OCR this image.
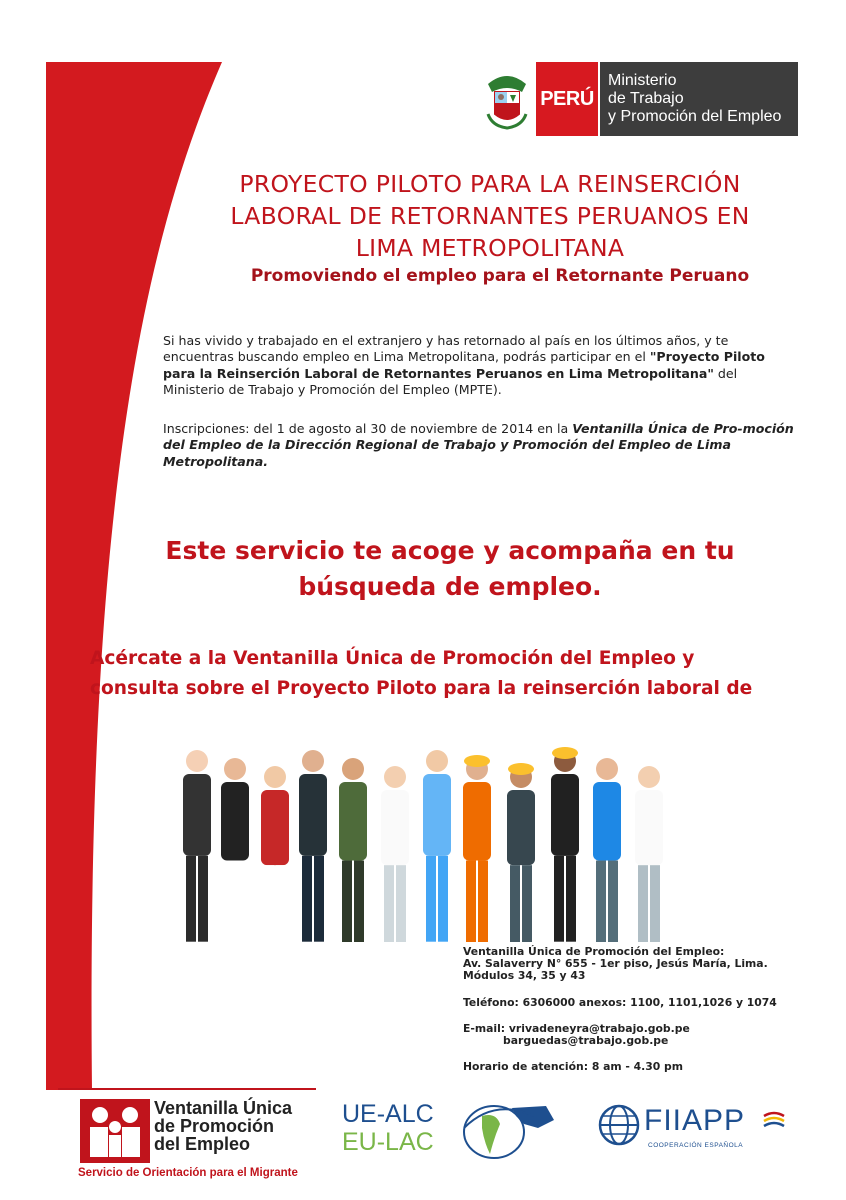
PERÚ
Ministerio
de Trabajo
y Promoción del Empleo
PROYECTO PILOTO PARA LA REINSERCIÓN
LABORAL DE RETORNANTES PERUANOS EN
LIMA METROPOLITANA

Promoviendo el empleo para el Retornante Peruano

Si has vivido y trabajado en el extranjero y has retornado al país en los últimos años, y te encuentras buscando empleo en Lima Metropolitana, podrás participar en el "Proyecto Piloto para la Reinserción Laboral de Retornantes Peruanos en Lima Metropolitana" del Ministerio de Trabajo y Promoción del Empleo (MPTE).

Inscripciones: del 1 de agosto al 30 de noviembre de 2014 en la Ventanilla Única de Pro-moción del Empleo de la Dirección Regional de Trabajo y Promoción del Empleo de Lima Metropolitana.

Este servicio te acoge y acompaña en tu
búsqueda de empleo.
Acércate a la Ventanilla Única de Promoción del Empleo y
consulta sobre el Proyecto Piloto para la reinserción laboral de

Ventanilla Única de Promoción del Empleo:

Av. Salaverry N° 655 - 1er piso, Jesús María, Lima.

Módulos 34, 35 y 43

Teléfono: 6306000 anexos: 1100, 1101,1026 y 1074

E-mail: vrivadeneyra@trabajo.gob.pe

barguedas@trabajo.gob.pe

Horario de atención: 8 am - 4.30 pm

Ventanilla Única
de Promoción
del Empleo
Servicio de Orientación para el Migrante
UE-ALC
EU-LAC
FIIAPP
COOPERACIÓN ESPAÑOLA
